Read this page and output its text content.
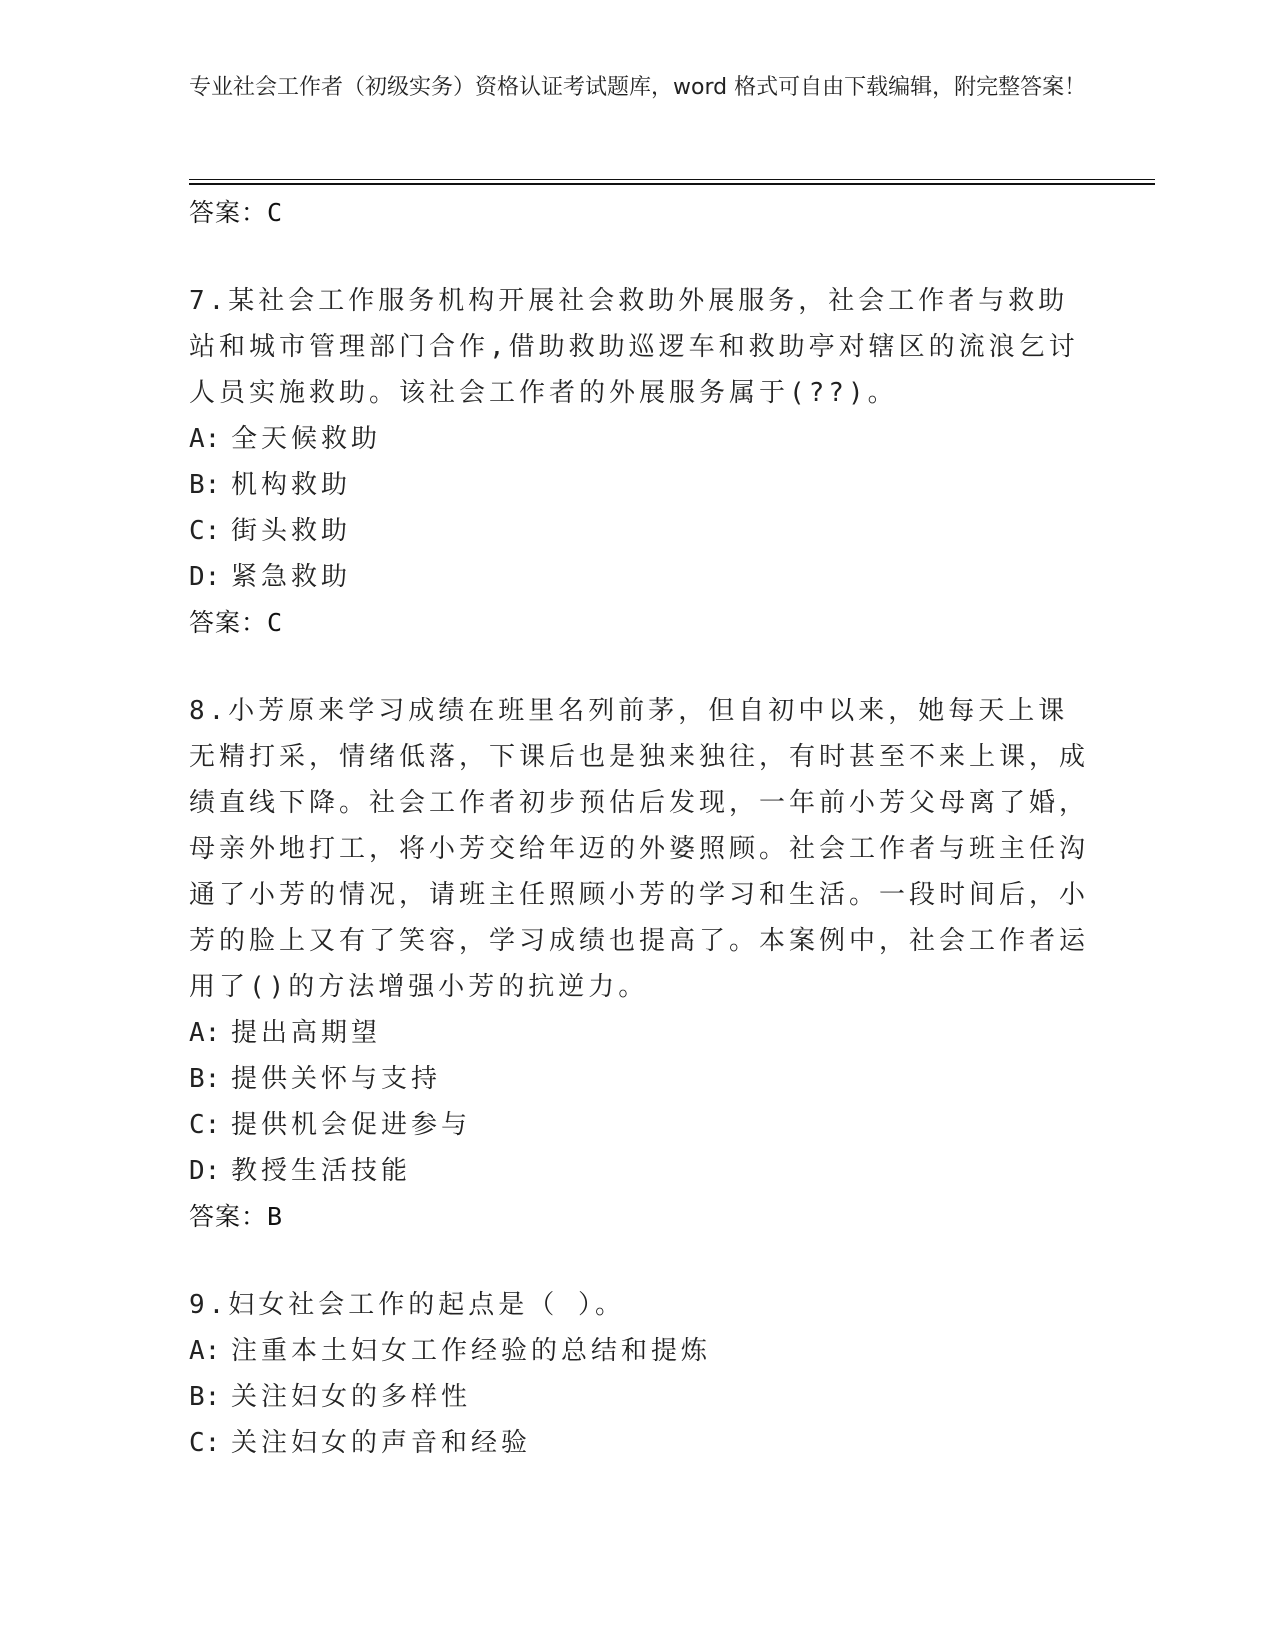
专业社会工作者（初级实务）资格认证考试题库，word 格式可自由下载编辑，附完整答案！
答案：C
7.某社会工作服务机构开展社会救助外展服务，社会工作者与救助站和城市管理部门合作,借助救助巡逻车和救助亭对辖区的流浪乞讨人员实施救助。该社会工作者的外展服务属于(??)。
A: 全天候救助
B: 机构救助
C: 街头救助
D: 紧急救助
答案：C
8.小芳原来学习成绩在班里名列前茅，但自初中以来，她每天上课无精打采，情绪低落，下课后也是独来独往，有时甚至不来上课，成绩直线下降。社会工作者初步预估后发现，一年前小芳父母离了婚，母亲外地打工，将小芳交给年迈的外婆照顾。社会工作者与班主任沟通了小芳的情况，请班主任照顾小芳的学习和生活。一段时间后，小芳的脸上又有了笑容，学习成绩也提高了。本案例中，社会工作者运用了()的方法增强小芳的抗逆力。
A: 提出高期望
B: 提供关怀与支持
C: 提供机会促进参与
D: 教授生活技能
答案：B
9.妇女社会工作的起点是（ ）。
A: 注重本土妇女工作经验的总结和提炼
B: 关注妇女的多样性
C: 关注妇女的声音和经验
